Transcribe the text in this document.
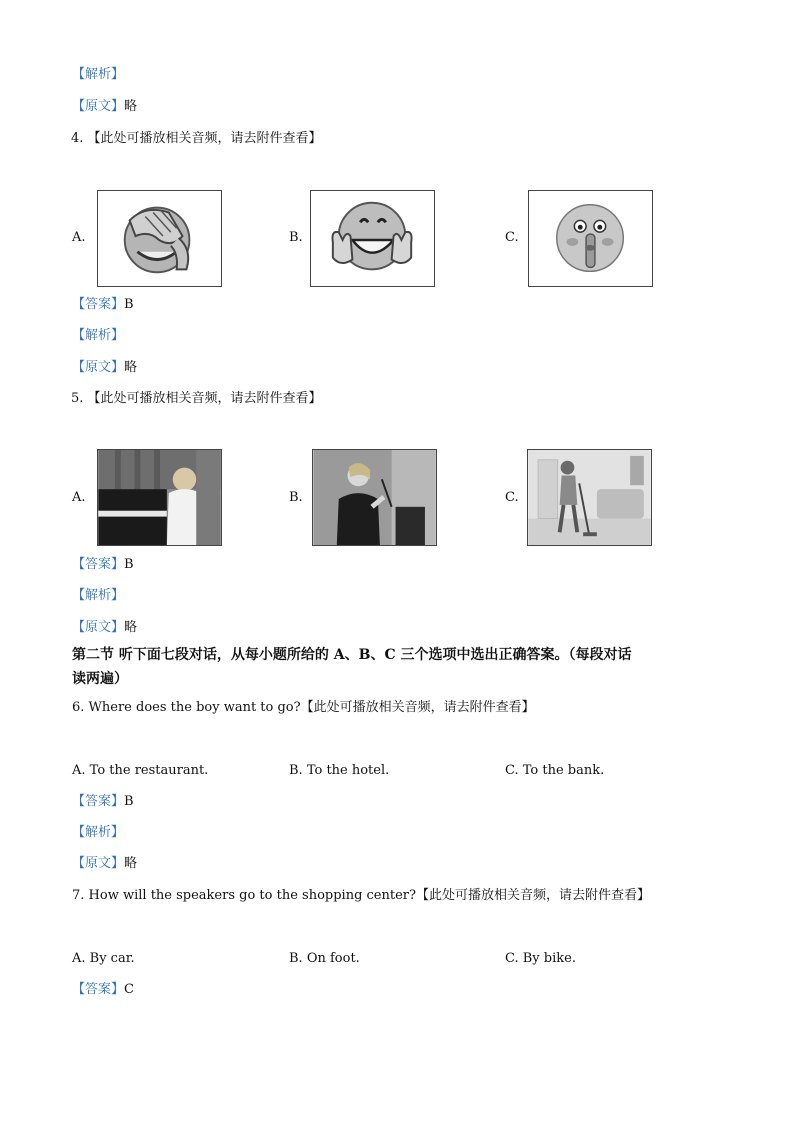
【解析】
【原文】略
4. 【此处可播放相关音频，请去附件查看】
A.	B.	C.
【答案】B
【解析】
【原文】略
5. 【此处可播放相关音频，请去附件查看】
A.	B.	C.
【答案】B
【解析】
【原文】略
第二节 听下面七段对话，从每小题所给的 A、B、C 三个选项中选出正确答案。（每段对话
读两遍）
6. Where does the boy want to go?【此处可播放相关音频，请去附件查看】
A. To the restaurant.	B. To the hotel.	C. To the bank.
【答案】B
【解析】
【原文】略
7. How will the speakers go to the shopping center?【此处可播放相关音频，请去附件查看】
A. By car.	B. On foot.	C. By bike.
【答案】C
